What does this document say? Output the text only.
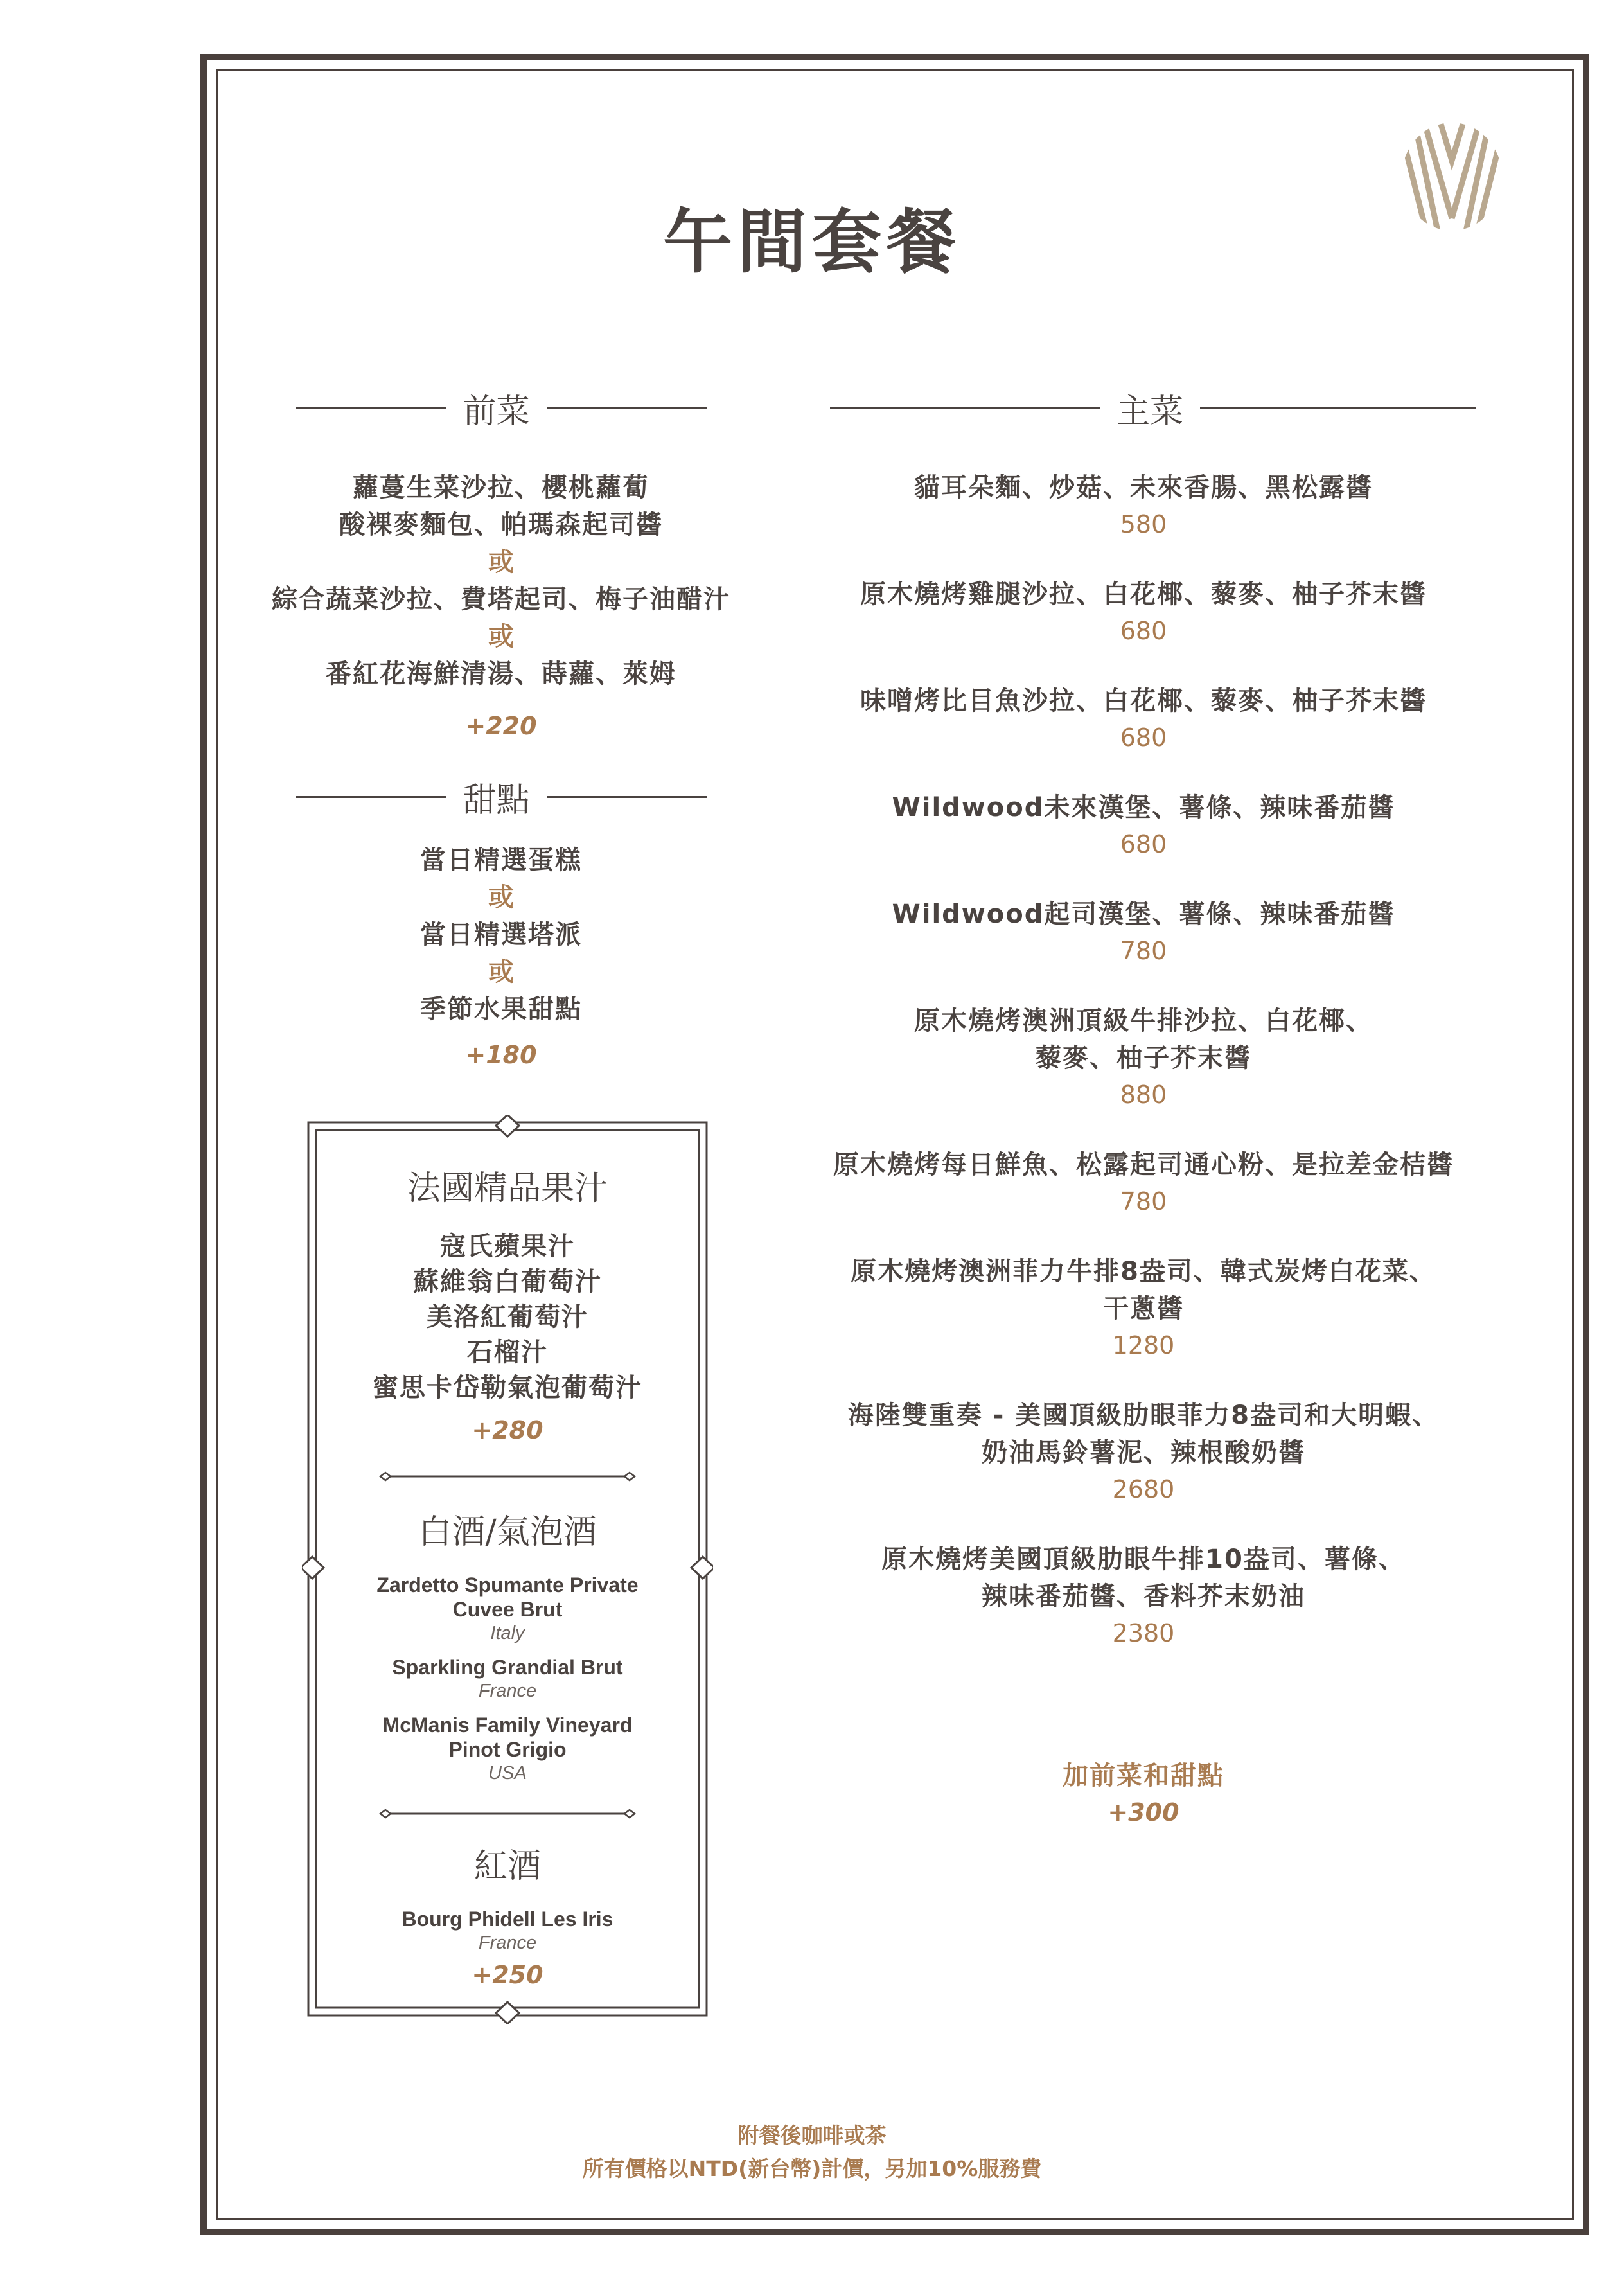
午間套餐
前菜
蘿蔓生菜沙拉、櫻桃蘿蔔
酸裸麥麵包、帕瑪森起司醬
或
綜合蔬菜沙拉、費塔起司、梅子油醋汁
或
番紅花海鮮清湯、蒔蘿、萊姆
+220
甜點
當日精選蛋糕
或
當日精選塔派
或
季節水果甜點
+180
法國精品果汁
寇氏蘋果汁
蘇維翁白葡萄汁
美洛紅葡萄汁
石榴汁
蜜思卡岱勒氣泡葡萄汁
+280
白酒/氣泡酒
Zardetto Spumante Private
Cuvee Brut
Italy
Sparkling Grandial Brut
France
McManis Family Vineyard
Pinot Grigio
USA
紅酒
Bourg Phidell Les Iris
France
+250
主菜
貓耳朵麵、炒菇、未來香腸、黑松露醬
580
原木燒烤雞腿沙拉、白花椰、藜麥、柚子芥末醬
680
味噌烤比目魚沙拉、白花椰、藜麥、柚子芥末醬
680
Wildwood未來漢堡、薯條、辣味番茄醬
680
Wildwood起司漢堡、薯條、辣味番茄醬
780
原木燒烤澳洲頂級牛排沙拉、白花椰、
藜麥、柚子芥末醬
880
原木燒烤每日鮮魚、松露起司通心粉、是拉差金桔醬
780
原木燒烤澳洲菲力牛排8盎司、韓式炭烤白花菜、
干蔥醬
1280
海陸雙重奏 - 美國頂級肋眼菲力8盎司和大明蝦、
奶油馬鈴薯泥、辣根酸奶醬
2680
原木燒烤美國頂級肋眼牛排10盎司、薯條、
辣味番茄醬、香料芥末奶油
2380
加前菜和甜點
+300
附餐後咖啡或茶
所有價格以NTD(新台幣)計價，另加10%服務費
